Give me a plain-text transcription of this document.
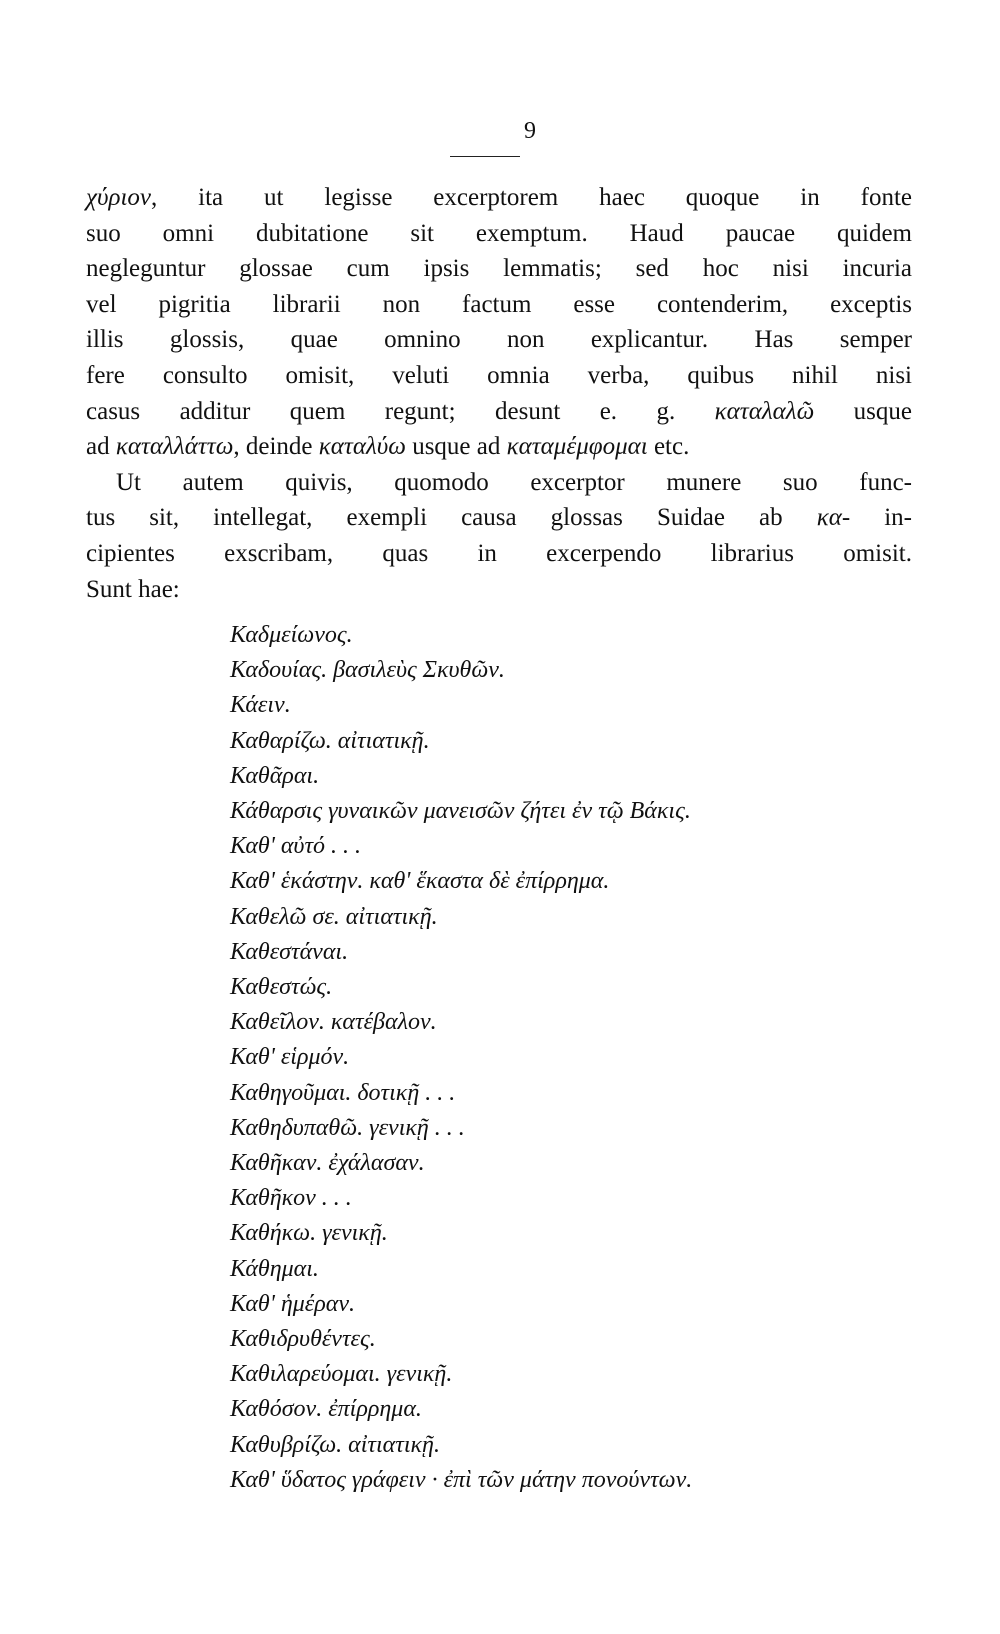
9
χύριον, ita ut legisse excerptorem haec quoque in fonte
suo omni dubitatione sit exemptum. Haud paucae quidem
negleguntur glossae cum ipsis lemmatis; sed hoc nisi incuria
vel pigritia librarii non factum esse contenderim, exceptis
illis glossis, quae omnino non explicantur. Has semper
fere consulto omisit, veluti omnia verba, quibus nihil nisi
casus additur quem regunt; desunt e. g. καταλαλῶ usque
ad καταλλάττω, deinde καταλύω usque ad καταμέμφομαι etc.
Ut autem quivis, quomodo excerptor munere suo func-
tus sit, intellegat, exempli causa glossas Suidae ab κα- in-
cipientes exscribam, quas in excerpendo librarius omisit.
Sunt hae:
Καδμείωνος.
Καδουίας. βασιλεὺς Σκυθῶν.
Κάειν.
Καθαρίζω. αἰτιατικῇ.
Καθᾶραι.
Κάθαρσις γυναικῶν μανεισῶν ζήτει ἐν τῷ Βάκις.
Καθ' αὐτό . . .
Καθ' ἑκάστην. καθ' ἕκαστα δὲ ἐπίρρημα.
Καθελῶ σε. αἰτιατικῇ.
Καθεστάναι.
Καθεστώς.
Καθεῖλον. κατέβαλον.
Καθ' εἱρμόν.
Καθηγοῦμαι. δοτικῇ . . .
Καθηδυπαθῶ. γενικῇ . . .
Καθῆκαν. ἐχάλασαν.
Καθῆκον . . .
Καθήκω. γενικῇ.
Κάθημαι.
Καθ' ἡμέραν.
Καθιδρυθέντες.
Καθιλαρεύομαι. γενικῇ.
Καθόσον. ἐπίρρημα.
Καθυβρίζω. αἰτιατικῇ.
Καθ' ὕδατος γράφειν · ἐπὶ τῶν μάτην πονούντων.
